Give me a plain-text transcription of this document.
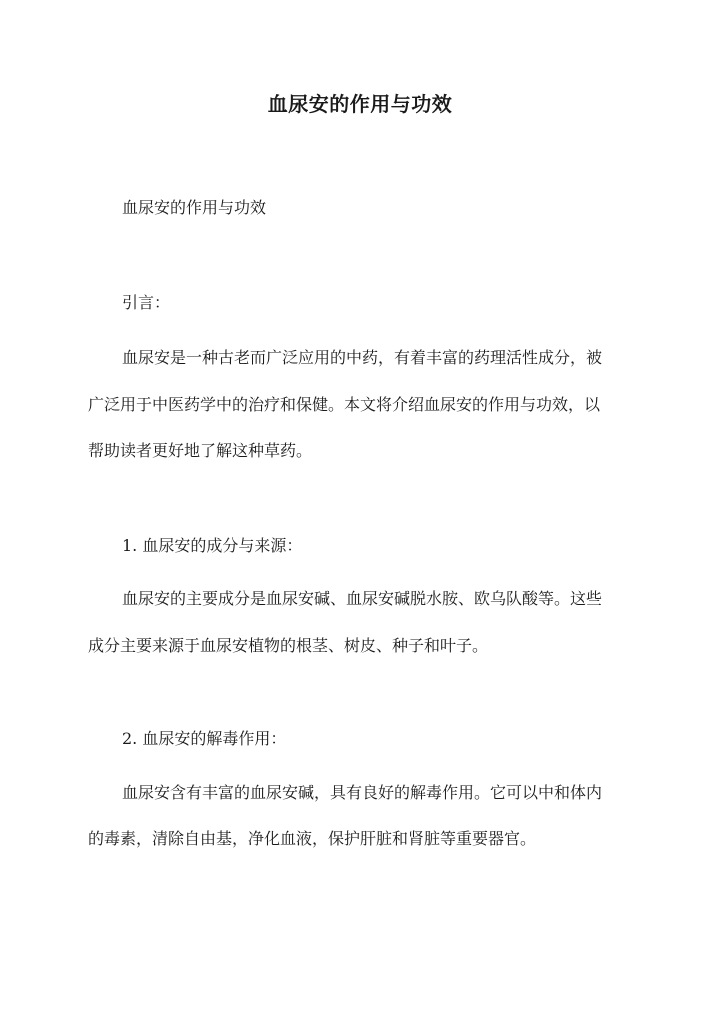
血尿安的作用与功效

血尿安的作用与功效

引言：

血尿安是一种古老而广泛应用的中药，有着丰富的药理活性成分，被

广泛用于中医药学中的治疗和保健。本文将介绍血尿安的作用与功效，以

帮助读者更好地了解这种草药。

1. 血尿安的成分与来源：

血尿安的主要成分是血尿安碱、血尿安碱脱水胺、欧乌队酸等。这些

成分主要来源于血尿安植物的根茎、树皮、种子和叶子。

2. 血尿安的解毒作用：

血尿安含有丰富的血尿安碱，具有良好的解毒作用。它可以中和体内

的毒素，清除自由基，净化血液，保护肝脏和肾脏等重要器官。
